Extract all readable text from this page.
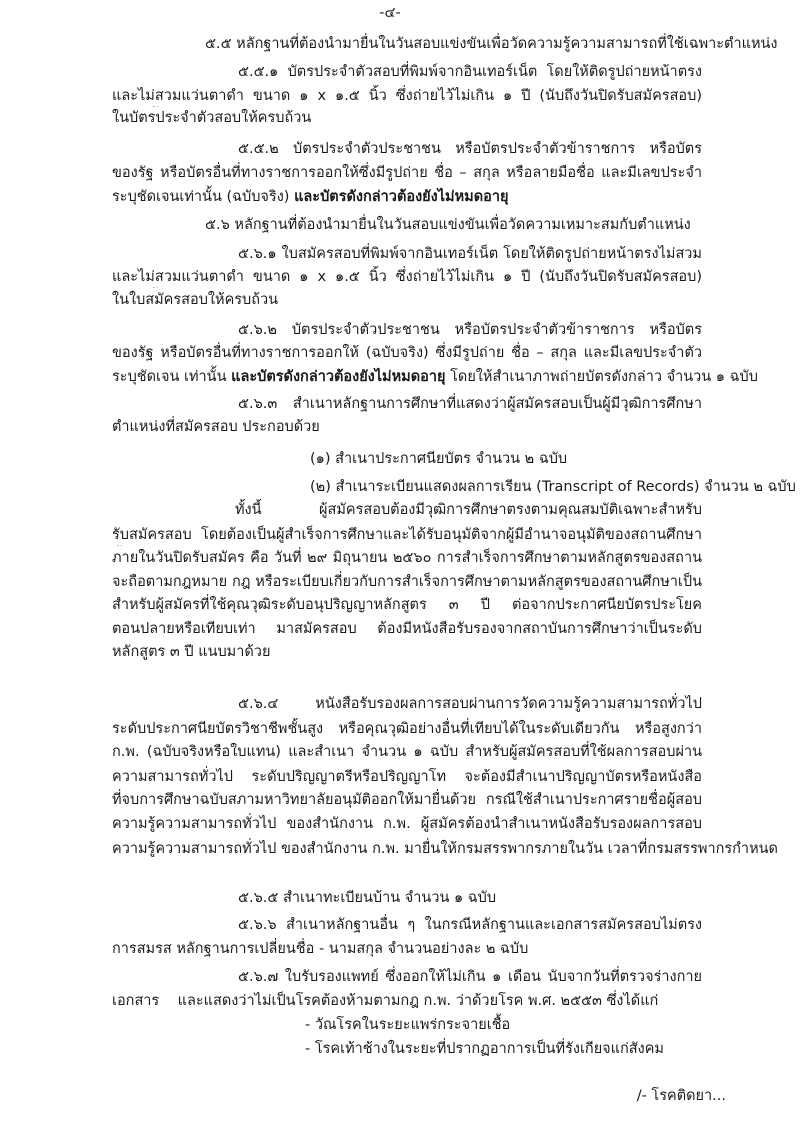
-๔-
๕.๕ หลักฐานที่ต้องนำมายื่นในวันสอบแข่งขันเพื่อวัดความรู้ความสามารถที่ใช้เฉพาะตำแหน่ง
๕.๕.๑ บัตรประจำตัวสอบที่พิมพ์จากอินเทอร์เน็ต โดยให้ติดรูปถ่ายหน้าตรง
และไม่สวมแว่นตาดำ ขนาด ๑ x ๑.๕ นิ้ว ซึ่งถ่ายไว้ไม่เกิน ๑ ปี (นับถึงวันปิดรับสมัครสอบ)
ในบัตรประจำตัวสอบให้ครบถ้วน
๕.๕.๒ บัตรประจำตัวประชาชน หรือบัตรประจำตัวข้าราชการ หรือบัตร
ของรัฐ หรือบัตรอื่นที่ทางราชการออกให้ซึ่งมีรูปถ่าย ชื่อ – สกุล หรือลายมือชื่อ และมีเลขประจำ
ระบุชัดเจนเท่านั้น (ฉบับจริง) และบัตรดังกล่าวต้องยังไม่หมดอายุ
๕.๖ หลักฐานที่ต้องนำมายื่นในวันสอบแข่งขันเพื่อวัดความเหมาะสมกับตำแหน่ง
๕.๖.๑ ใบสมัครสอบที่พิมพ์จากอินเทอร์เน็ต โดยให้ติดรูปถ่ายหน้าตรงไม่สวม
และไม่สวมแว่นตาดำ ขนาด ๑ x ๑.๕ นิ้ว ซึ่งถ่ายไว้ไม่เกิน ๑ ปี (นับถึงวันปิดรับสมัครสอบ)
ในใบสมัครสอบให้ครบถ้วน
๕.๖.๒ บัตรประจำตัวประชาชน หรือบัตรประจำตัวข้าราชการ หรือบัตร
ของรัฐ หรือบัตรอื่นที่ทางราชการออกให้ (ฉบับจริง) ซึ่งมีรูปถ่าย ชื่อ – สกุล และมีเลขประจำตัว
ระบุชัดเจน เท่านั้น และบัตรดังกล่าวต้องยังไม่หมดอายุ โดยให้สำเนาภาพถ่ายบัตรดังกล่าว จำนวน ๑ ฉบับ
๕.๖.๓ สำเนาหลักฐานการศึกษาที่แสดงว่าผู้สมัครสอบเป็นผู้มีวุฒิการศึกษา
ตำแหน่งที่สมัครสอบ ประกอบด้วย
(๑) สำเนาประกาศนียบัตร จำนวน ๒ ฉบับ
(๒) สำเนาระเบียนแสดงผลการเรียน (Transcript of Records) จำนวน ๒ ฉบับ
ทั้งนี้ ผู้สมัครสอบต้องมีวุฒิการศึกษาตรงตามคุณสมบัติเฉพาะสำหรับ
รับสมัครสอบ โดยต้องเป็นผู้สำเร็จการศึกษาและได้รับอนุมัติจากผู้มีอำนาจอนุมัติของสถานศึกษา
ภายในวันปิดรับสมัคร คือ วันที่ ๒๙ มิถุนายน ๒๕๖๐ การสำเร็จการศึกษาตามหลักสูตรของสถาน
จะถือตามกฎหมาย กฎ หรือระเบียบเกี่ยวกับการสำเร็จการศึกษาตามหลักสูตรของสถานศึกษาเป็น
สำหรับผู้สมัครที่ใช้คุณวุฒิระดับอนุปริญญาหลักสูตร ๓ ปี ต่อจากประกาศนียบัตรประโยค
ตอนปลายหรือเทียบเท่า มาสมัครสอบ ต้องมีหนังสือรับรองจากสถาบันการศึกษาว่าเป็นระดับ
หลักสูตร ๓ ปี แนบมาด้วย
๕.๖.๔ หนังสือรับรองผลการสอบผ่านการวัดความรู้ความสามารถทั่วไป
ระดับประกาศนียบัตรวิชาชีพชั้นสูง หรือคุณวุฒิอย่างอื่นที่เทียบได้ในระดับเดียวกัน หรือสูงกว่า
ก.พ. (ฉบับจริงหรือใบแทน) และสำเนา จำนวน ๑ ฉบับ สำหรับผู้สมัครสอบที่ใช้ผลการสอบผ่าน
ความสามารถทั่วไป ระดับปริญญาตรีหรือปริญญาโท จะต้องมีสำเนาปริญญาบัตรหรือหนังสือ
ที่จบการศึกษาฉบับสภามหาวิทยาลัยอนุมัติออกให้มายื่นด้วย กรณีใช้สำเนาประกาศรายชื่อผู้สอบ
ความรู้ความสามารถทั่วไป ของสำนักงาน ก.พ. ผู้สมัครต้องนำสำเนาหนังสือรับรองผลการสอบ
ความรู้ความสามารถทั่วไป ของสำนักงาน ก.พ. มายื่นให้กรมสรรพากรภายในวัน เวลาที่กรมสรรพากรกำหนด
๕.๖.๕ สำเนาทะเบียนบ้าน จำนวน ๑ ฉบับ
๕.๖.๖ สำเนาหลักฐานอื่น ๆ ในกรณีหลักฐานและเอกสารสมัครสอบไม่ตรง
การสมรส หลักฐานการเปลี่ยนชื่อ - นามสกุล จำนวนอย่างละ ๒ ฉบับ
๕.๖.๗ ใบรับรองแพทย์ ซึ่งออกให้ไม่เกิน ๑ เดือน นับจากวันที่ตรวจร่างกาย
เอกสาร    และแสดงว่าไม่เป็นโรคต้องห้ามตามกฎ ก.พ. ว่าด้วยโรค พ.ศ. ๒๕๕๓ ซึ่งได้แก่
- วัณโรคในระยะแพร่กระจายเชื้อ
- โรคเท้าช้างในระยะที่ปรากฏอาการเป็นที่รังเกียจแก่สังคม
/- โรคติดยา...
